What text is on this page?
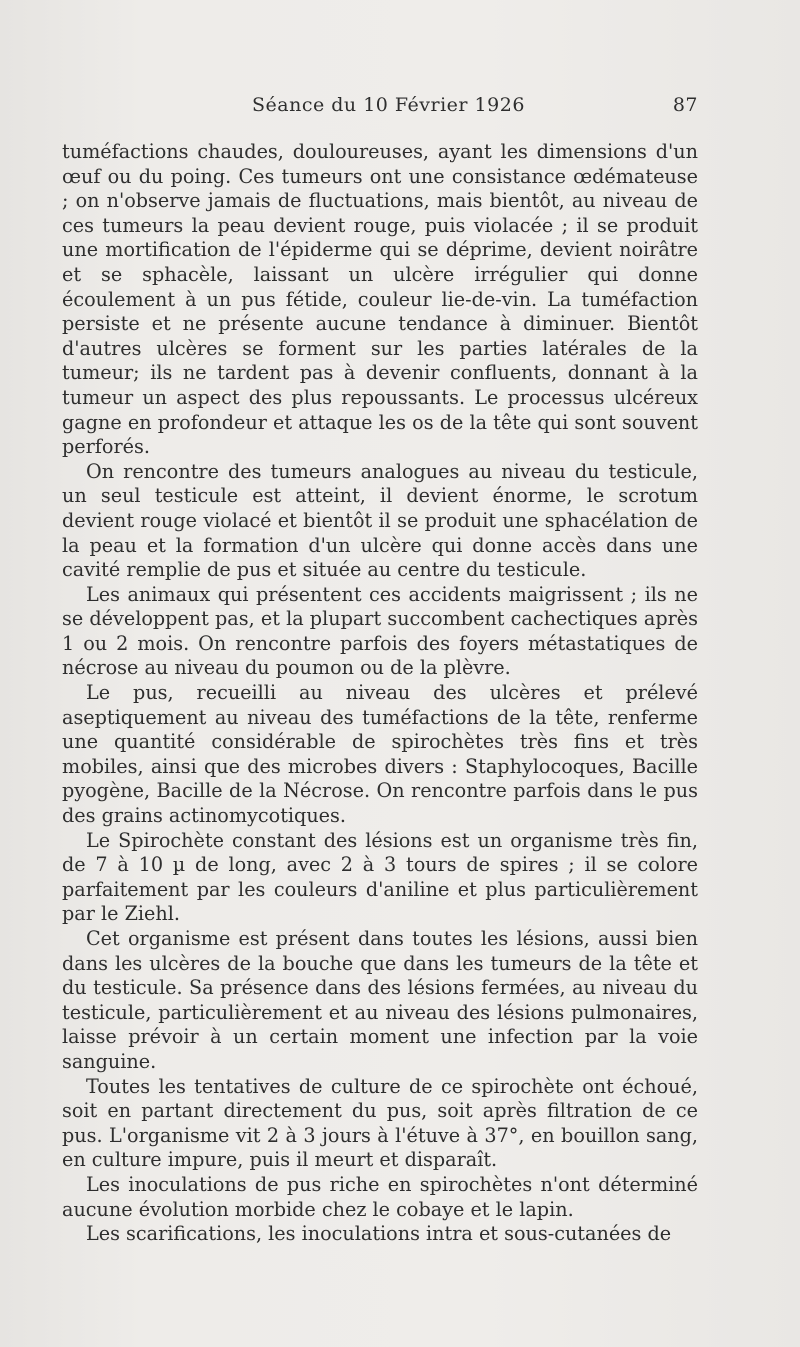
Séance du 10 Février 1926	87

tuméfactions chaudes, douloureuses, ayant les dimensions d'un œuf ou du poing. Ces tumeurs ont une consistance œdémateuse ; on n'observe jamais de fluctuations, mais bientôt, au niveau de ces tumeurs la peau devient rouge, puis violacée ; il se produit une mortification de l'épiderme qui se déprime, devient noirâtre et se sphacèle, laissant un ulcère irrégulier qui donne écoulement à un pus fétide, couleur lie-de-vin. La tuméfaction persiste et ne présente aucune tendance à diminuer. Bientôt d'autres ulcères se forment sur les parties latérales de la tumeur; ils ne tardent pas à devenir confluents, donnant à la tumeur un aspect des plus repoussants. Le processus ulcéreux gagne en profondeur et attaque les os de la tête qui sont souvent perforés.

On rencontre des tumeurs analogues au niveau du testicule, un seul testicule est atteint, il devient énorme, le scrotum devient rouge violacé et bientôt il se produit une sphacélation de la peau et la formation d'un ulcère qui donne accès dans une cavité remplie de pus et située au centre du testicule.

Les animaux qui présentent ces accidents maigrissent ; ils ne se développent pas, et la plupart succombent cachectiques après 1 ou 2 mois. On rencontre parfois des foyers métastatiques de nécrose au niveau du poumon ou de la plèvre.

Le pus, recueilli au niveau des ulcères et prélevé aseptiquement au niveau des tuméfactions de la tête, renferme une quantité considérable de spirochètes très fins et très mobiles, ainsi que des microbes divers : Staphylocoques, Bacille pyogène, Bacille de la Nécrose. On rencontre parfois dans le pus des grains actinomycotiques.

Le Spirochète constant des lésions est un organisme très fin, de 7 à 10 µ de long, avec 2 à 3 tours de spires ; il se colore parfaitement par les couleurs d'aniline et plus particulièrement par le Ziehl.

Cet organisme est présent dans toutes les lésions, aussi bien dans les ulcères de la bouche que dans les tumeurs de la tête et du testicule. Sa présence dans des lésions fermées, au niveau du testicule, particulièrement et au niveau des lésions pulmonaires, laisse prévoir à un certain moment une infection par la voie sanguine.

Toutes les tentatives de culture de ce spirochète ont échoué, soit en partant directement du pus, soit après filtration de ce pus. L'organisme vit 2 à 3 jours à l'étuve à 37°, en bouillon sang, en culture impure, puis il meurt et disparaît.

Les inoculations de pus riche en spirochètes n'ont déterminé aucune évolution morbide chez le cobaye et le lapin.

Les scarifications, les inoculations intra et sous-cutanées de
